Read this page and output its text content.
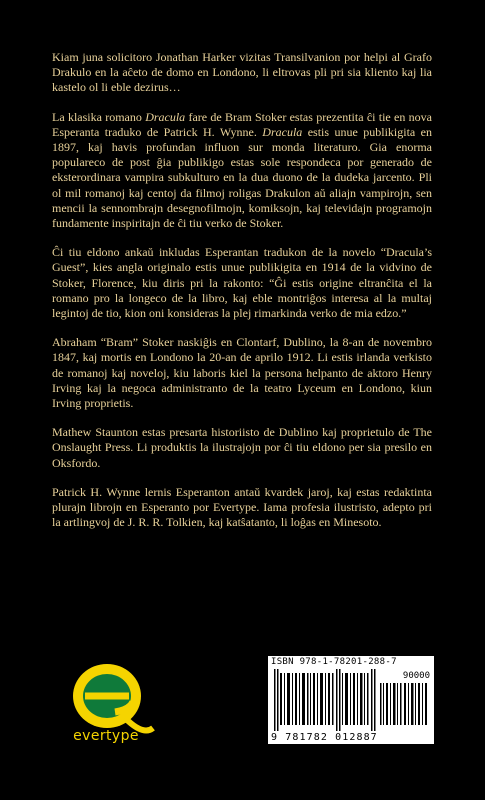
Kiam juna solicitoro Jonathan Harker vizitas Transilvanion por helpi al Grafo Drakulo en la aĉeto de domo en Londono, li eltrovas pli pri sia kliento kaj lia kastelo ol li eble dezirus…

La klasika romano Dracula fare de Bram Stoker estas prezentita ĉi tie en nova Esperanta traduko de Patrick H. Wynne. Dracula estis unue publikigita en 1897, kaj havis profundan influon sur monda literaturo. Gia enorma populareco de post ĝia publikigo estas sole respondeca por generado de eksterordinara vampira subkulturo en la dua duono de la dudeka jarcento. Pli ol mil romanoj kaj centoj da filmoj roligas Drakulon aŭ aliajn vampirojn, sen mencii la sennombrajn desegnofilmojn, komiksojn, kaj televidajn programojn fundamente inspiritajn de ĉi tiu verko de Stoker.

Ĉi tiu eldono ankaŭ inkludas Esperantan tradukon de la novelo “Dracula’s Guest”, kies angla originalo estis unue publikigita en 1914 de la vidvino de Stoker, Florence, kiu diris pri la rakonto: “Ĝi estis origine eltranĉita el la romano pro la longeco de la libro, kaj eble montriĝos interesa al la multaj legintoj de tio, kion oni konsideras la plej rimarkinda verko de mia edzo.”

Abraham “Bram” Stoker naskiĝis en Clontarf, Dublino, la 8-an de novembro 1847, kaj mortis en Londono la 20-an de aprilo 1912. Li estis irlanda verkisto de romanoj kaj noveloj, kiu laboris kiel la persona helpanto de aktoro Henry Irving kaj la negoca administranto de la teatro Lyceum en Londono, kiun Irving proprietis.

Mathew Staunton estas presarta historiisto de Dublino kaj proprietulo de The Onslaught Press. Li produktis la ilustrajojn por ĉi tiu eldono per sia presilo en Oksfordo.

Patrick H. Wynne lernis Esperanton antaŭ kvardek jaroj, kaj estas redaktinta plurajn librojn en Esperanto por Evertype. Iama profesia ilustristo, adepto pri la artlingvoj de J. R. R. Tolkien, kaj katŝatanto, li loĝas en Minesoto.

evertype
ISBN 978-1-78201-288-7
90000
9 781782 012887
